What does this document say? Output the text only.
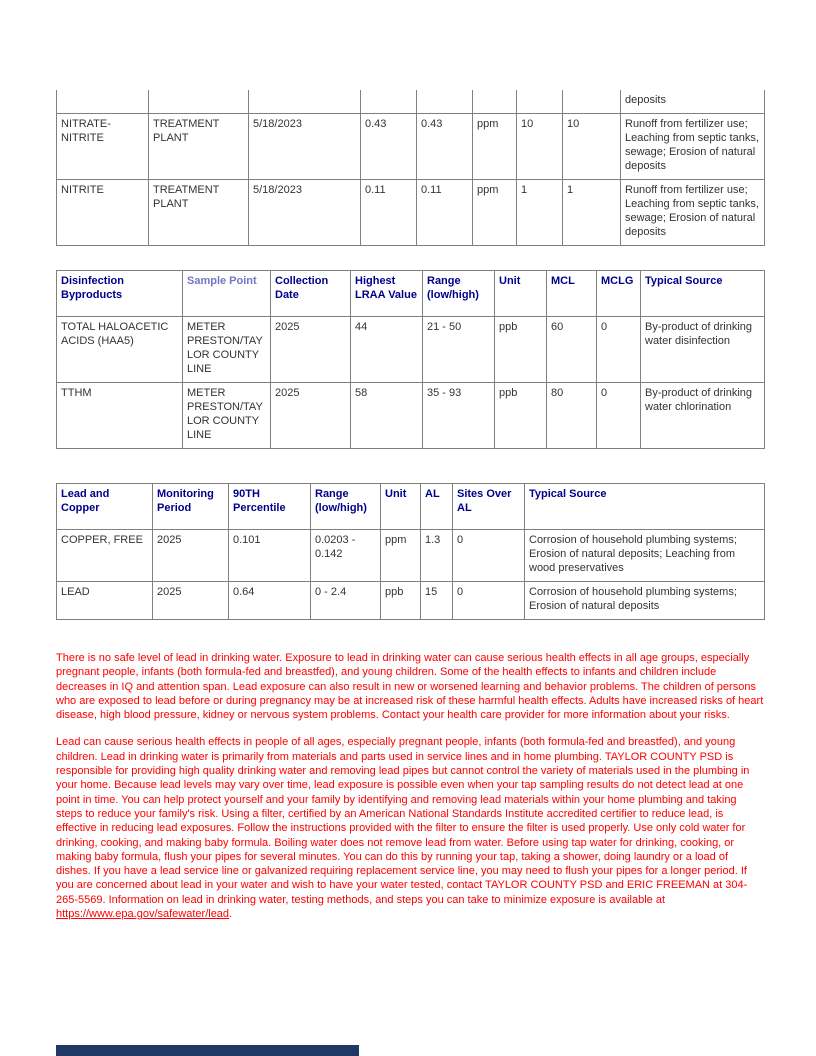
								deposits
NITRATE-NITRITE	TREATMENT PLANT	5/18/2023	0.43	0.43	ppm	10	10	Runoff from fertilizer use; Leaching from septic tanks, sewage; Erosion of natural deposits
NITRITE	TREATMENT PLANT	5/18/2023	0.11	0.11	ppm	1	1	Runoff from fertilizer use; Leaching from septic tanks, sewage; Erosion of natural deposits
Disinfection Byproducts	Sample Point	Collection Date	Highest LRAA Value	Range (low/high)	Unit	MCL	MCLG	Typical Source
TOTAL HALOACETIC ACIDS (HAA5)	METER PRESTON/TAYLOR COUNTY LINE	2025	44	21 - 50	ppb	60	0	By-product of drinking water disinfection
TTHM	METER PRESTON/TAYLOR COUNTY LINE	2025	58	35 - 93	ppb	80	0	By-product of drinking water chlorination
Lead and Copper	Monitoring Period	90TH Percentile	Range (low/high)	Unit	AL	Sites Over AL	Typical Source
COPPER, FREE	2025	0.101	0.0203 - 0.142	ppm	1.3	0	Corrosion of household plumbing systems; Erosion of natural deposits; Leaching from wood preservatives
LEAD	2025	0.64	0 - 2.4	ppb	15	0	Corrosion of household plumbing systems; Erosion of natural deposits

There is no safe level of lead in drinking water. Exposure to lead in drinking water can cause serious health effects in all age groups, especially pregnant people, infants (both formula-fed and breastfed), and young children. Some of the health effects to infants and children include decreases in IQ and attention span. Lead exposure can also result in new or worsened learning and behavior problems. The children of persons who are exposed to lead before or during pregnancy may be at increased risk of these harmful health effects. Adults have increased risks of heart disease, high blood pressure, kidney or nervous system problems. Contact your health care provider for more information about your risks.

Lead can cause serious health effects in people of all ages, especially pregnant people, infants (both formula-fed and breastfed), and young children. Lead in drinking water is primarily from materials and parts used in service lines and in home plumbing. TAYLOR COUNTY PSD is responsible for providing high quality drinking water and removing lead pipes but cannot control the variety of materials used in the plumbing in your home. Because lead levels may vary over time, lead exposure is possible even when your tap sampling results do not detect lead at one point in time. You can help protect yourself and your family by identifying and removing lead materials within your home plumbing and taking steps to reduce your family's risk. Using a filter, certified by an American National Standards Institute accredited certifier to reduce lead, is effective in reducing lead exposures. Follow the instructions provided with the filter to ensure the filter is used properly. Use only cold water for drinking, cooking, and making baby formula. Boiling water does not remove lead from water. Before using tap water for drinking, cooking, or making baby formula, flush your pipes for several minutes. You can do this by running your tap, taking a shower, doing laundry or a load of dishes. If you have a lead service line or galvanized requiring replacement service line, you may need to flush your pipes for a longer period. If you are concerned about lead in your water and wish to have your water tested, contact TAYLOR COUNTY PSD and ERIC FREEMAN at 304-265-5569. Information on lead in drinking water, testing methods, and steps you can take to minimize exposure is available at https://www.epa.gov/safewater/lead.
